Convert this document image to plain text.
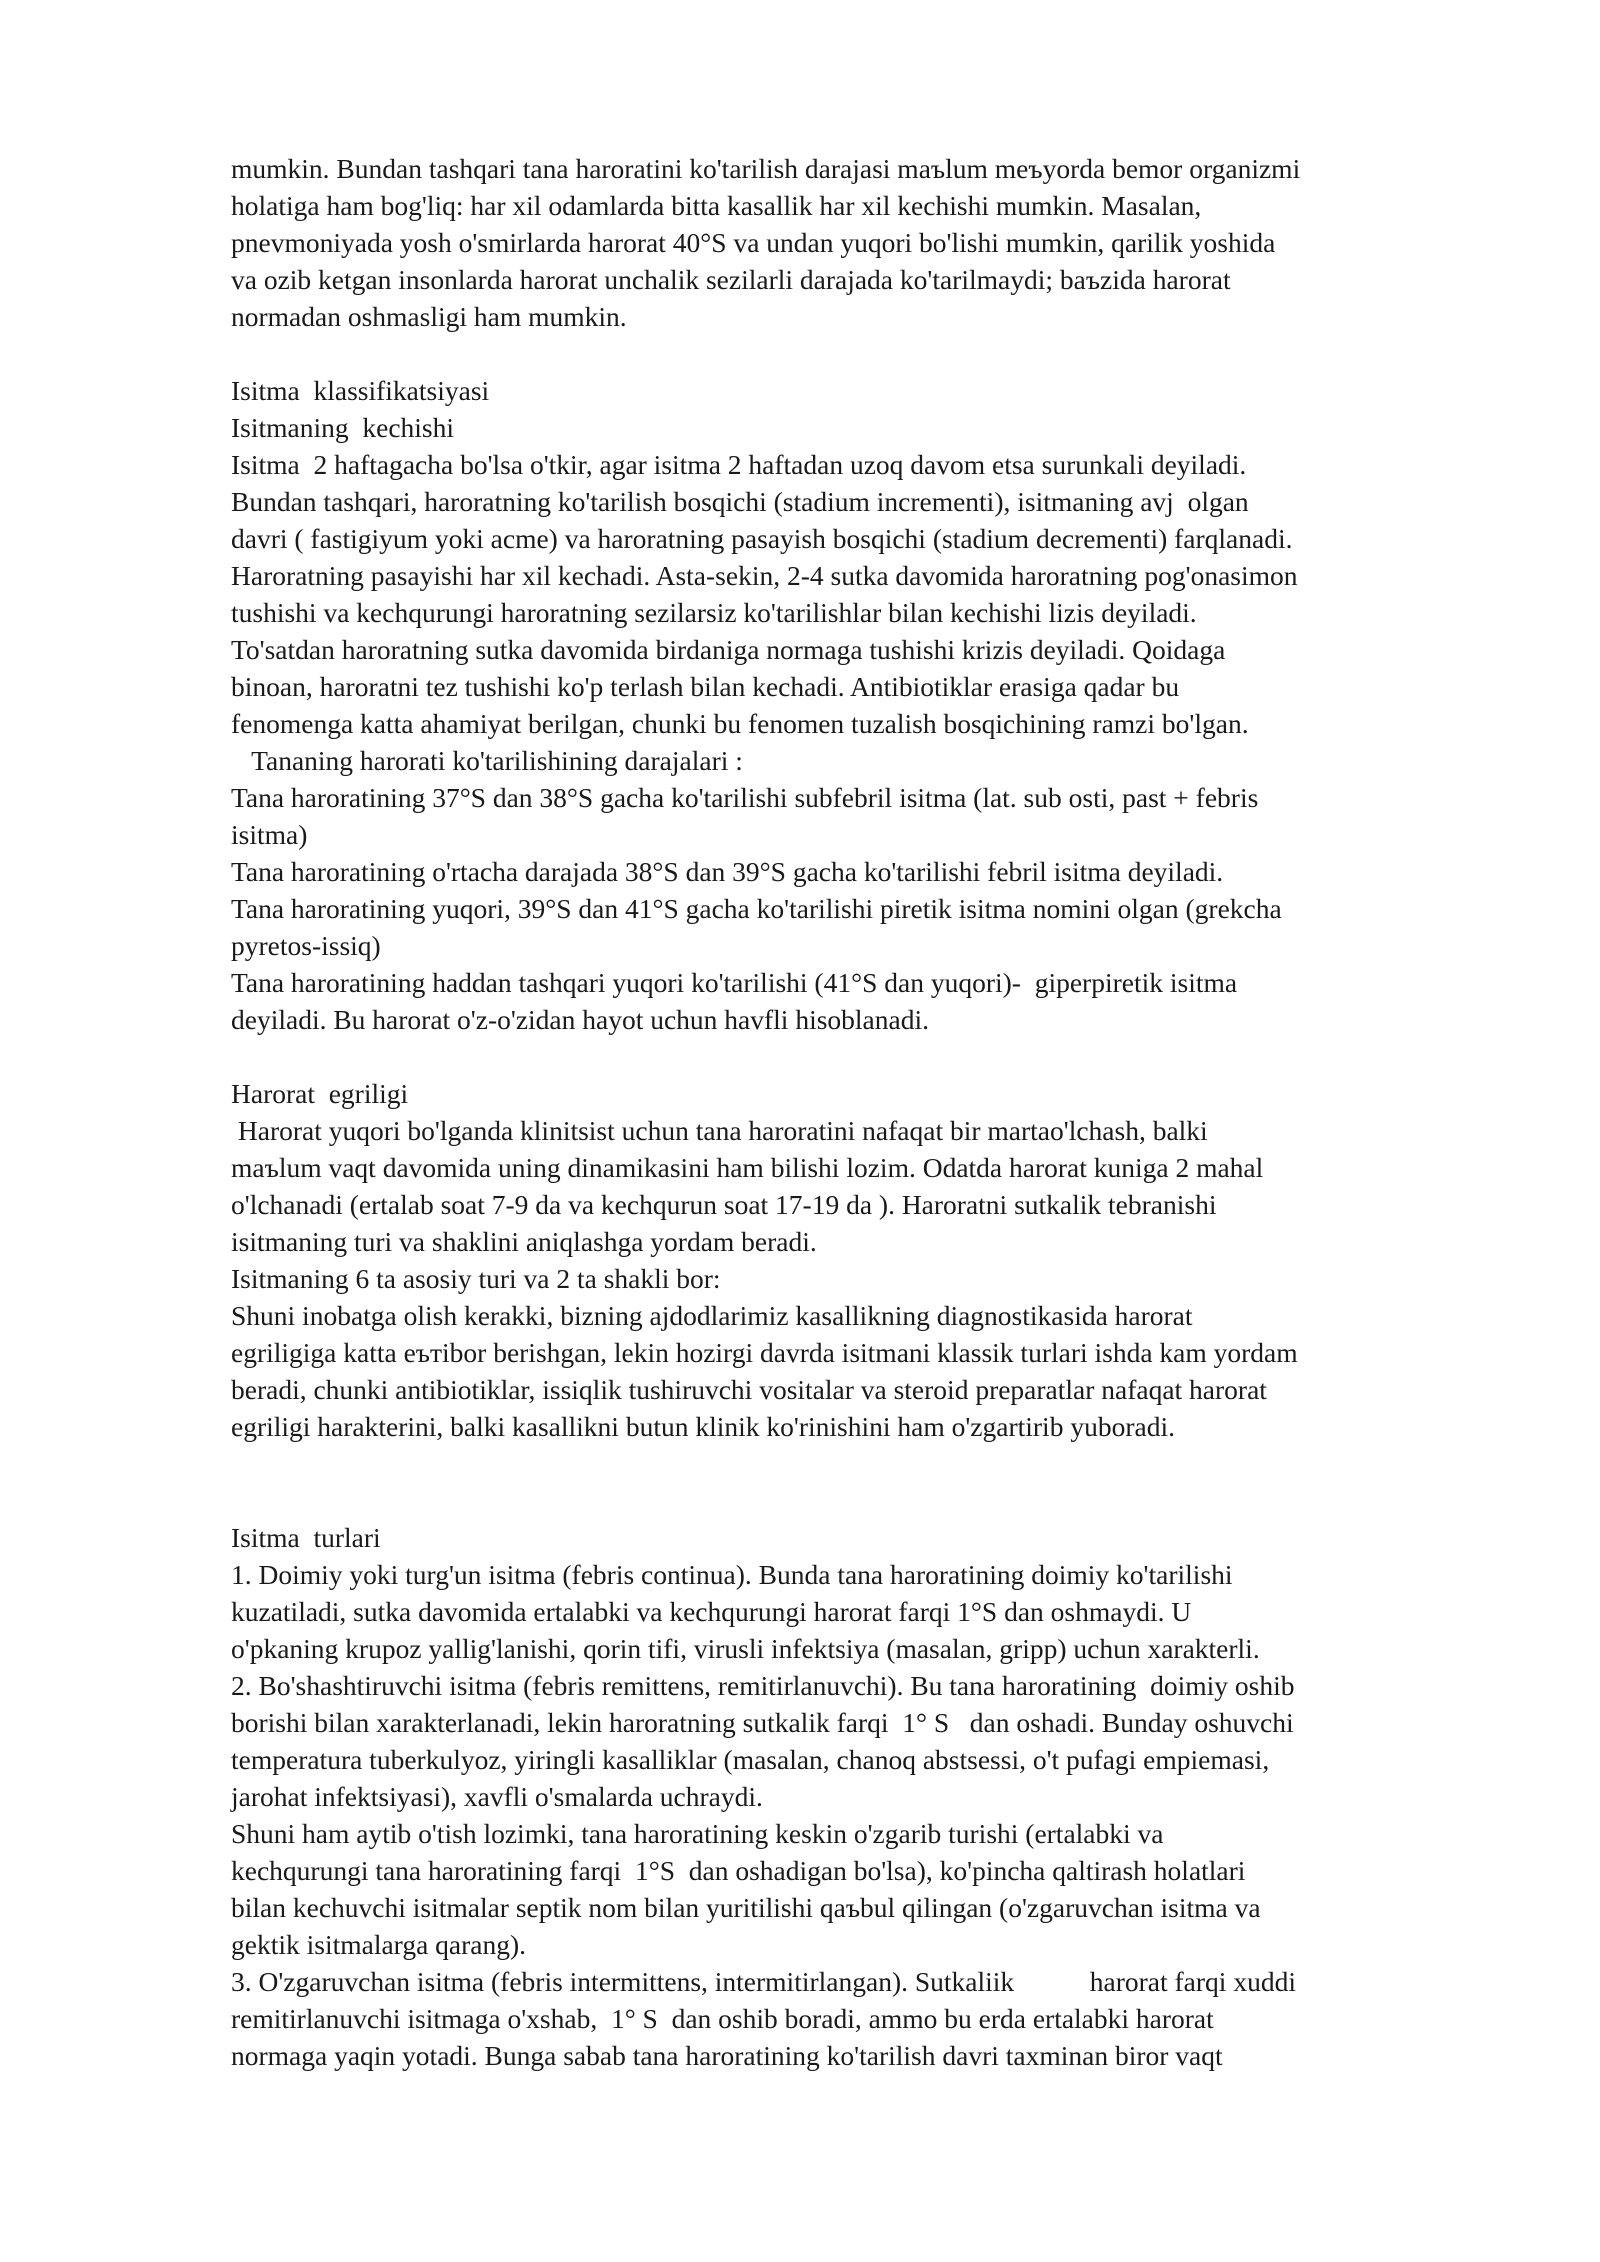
mumkin. Bundan tashqari tana haroratini ko'tarilish darajasi maъlum meъyorda bemor organizmi
holatiga ham bog'liq: har xil odamlarda bitta kasallik har xil kechishi mumkin. Masalan,
pnevmoniyada yosh o'smirlarda harorat 40°S va undan yuqori bo'lishi mumkin, qarilik yoshida
va ozib ketgan insonlarda harorat unchalik sezilarli darajada ko'tarilmaydi; baъzida harorat
normadan oshmasligi ham mumkin.
Isitma  klassifikatsiyasi
Isitmaning  kechishi
Isitma  2 haftagacha bo'lsa o'tkir, agar isitma 2 haftadan uzoq davom etsa surunkali deyiladi.
Bundan tashqari, haroratning ko'tarilish bosqichi (stadium incrementi), isitmaning avj  olgan
davri ( fastigiyum yoki acme) va haroratning pasayish bosqichi (stadium decrementi) farqlanadi.
Haroratning pasayishi har xil kechadi. Asta-sekin, 2-4 sutka davomida haroratning pog'onasimon
tushishi va kechqurungi haroratning sezilarsiz ko'tarilishlar bilan kechishi lizis deyiladi.
To'satdan haroratning sutka davomida birdaniga normaga tushishi krizis deyiladi. Qoidaga
binoan, haroratni tez tushishi ko'p terlash bilan kechadi. Antibiotiklar erasiga qadar bu
fenomenga katta ahamiyat berilgan, chunki bu fenomen tuzalish bosqichining ramzi bo'lgan.
Tananing harorati ko'tarilishining darajalari :
Tana haroratining 37°S dan 38°S gacha ko'tarilishi subfebril isitma (lat. sub osti, past + febris
isitma)
Tana haroratining o'rtacha darajada 38°S dan 39°S gacha ko'tarilishi febril isitma deyiladi.
Tana haroratining yuqori, 39°S dan 41°S gacha ko'tarilishi piretik isitma nomini olgan (grekcha
pyretos-issiq)
Tana haroratining haddan tashqari yuqori ko'tarilishi (41°S dan yuqori)-  giperpiretik isitma
deyiladi. Bu harorat o'z-o'zidan hayot uchun havfli hisoblanadi.
Harorat  egriligi
Harorat yuqori bo'lganda klinitsist uchun tana haroratini nafaqat bir martao'lchash, balki
maъlum vaqt davomida uning dinamikasini ham bilishi lozim. Odatda harorat kuniga 2 mahal
o'lchanadi (ertalab soat 7-9 da va kechqurun soat 17-19 da ). Haroratni sutkalik tebranishi
isitmaning turi va shaklini aniqlashga yordam beradi.
Isitmaning 6 ta asosiy turi va 2 ta shakli bor:
Shuni inobatga olish kerakki, bizning ajdodlarimiz kasallikning diagnostikasida harorat
egriligiga katta eътibor berishgan, lekin hozirgi davrda isitmani klassik turlari ishda kam yordam
beradi, chunki antibiotiklar, issiqlik tushiruvchi vositalar va steroid preparatlar nafaqat harorat
egriligi harakterini, balki kasallikni butun klinik ko'rinishini ham o'zgartirib yuboradi.
Isitma  turlari
1. Doimiy yoki turg'un isitma (febris continua). Bunda tana haroratining doimiy ko'tarilishi
kuzatiladi, sutka davomida ertalabki va kechqurungi harorat farqi 1°S dan oshmaydi. U
o'pkaning krupoz yallig'lanishi, qorin tifi, virusli infektsiya (masalan, gripp) uchun xarakterli.
2. Bo'shashtiruvchi isitma (febris remittens, remitirlanuvchi). Bu tana haroratining  doimiy oshib
borishi bilan xarakterlanadi, lekin haroratning sutkalik farqi  1° S   dan oshadi. Bunday oshuvchi
temperatura tuberkulyoz, yiringli kasalliklar (masalan, chanoq abstsessi, o't pufagi empiemasi,
jarohat infektsiyasi), xavfli o'smalarda uchraydi.
Shuni ham aytib o'tish lozimki, tana haroratining keskin o'zgarib turishi (ertalabki va
kechqurungi tana haroratining farqi  1°S  dan oshadigan bo'lsa), ko'pincha qaltirash holatlari
bilan kechuvchi isitmalar septik nom bilan yuritilishi qaъbul qilingan (o'zgaruvchan isitma va
gektik isitmalarga qarang).
3. O'zgaruvchan isitma (febris intermittens, intermitirlangan). Sutkaliik           harorat farqi xuddi
remitirlanuvchi isitmaga o'xshab,  1° S  dan oshib boradi, ammo bu erda ertalabki harorat
normaga yaqin yotadi. Bunga sabab tana haroratining ko'tarilish davri taxminan biror vaqt
